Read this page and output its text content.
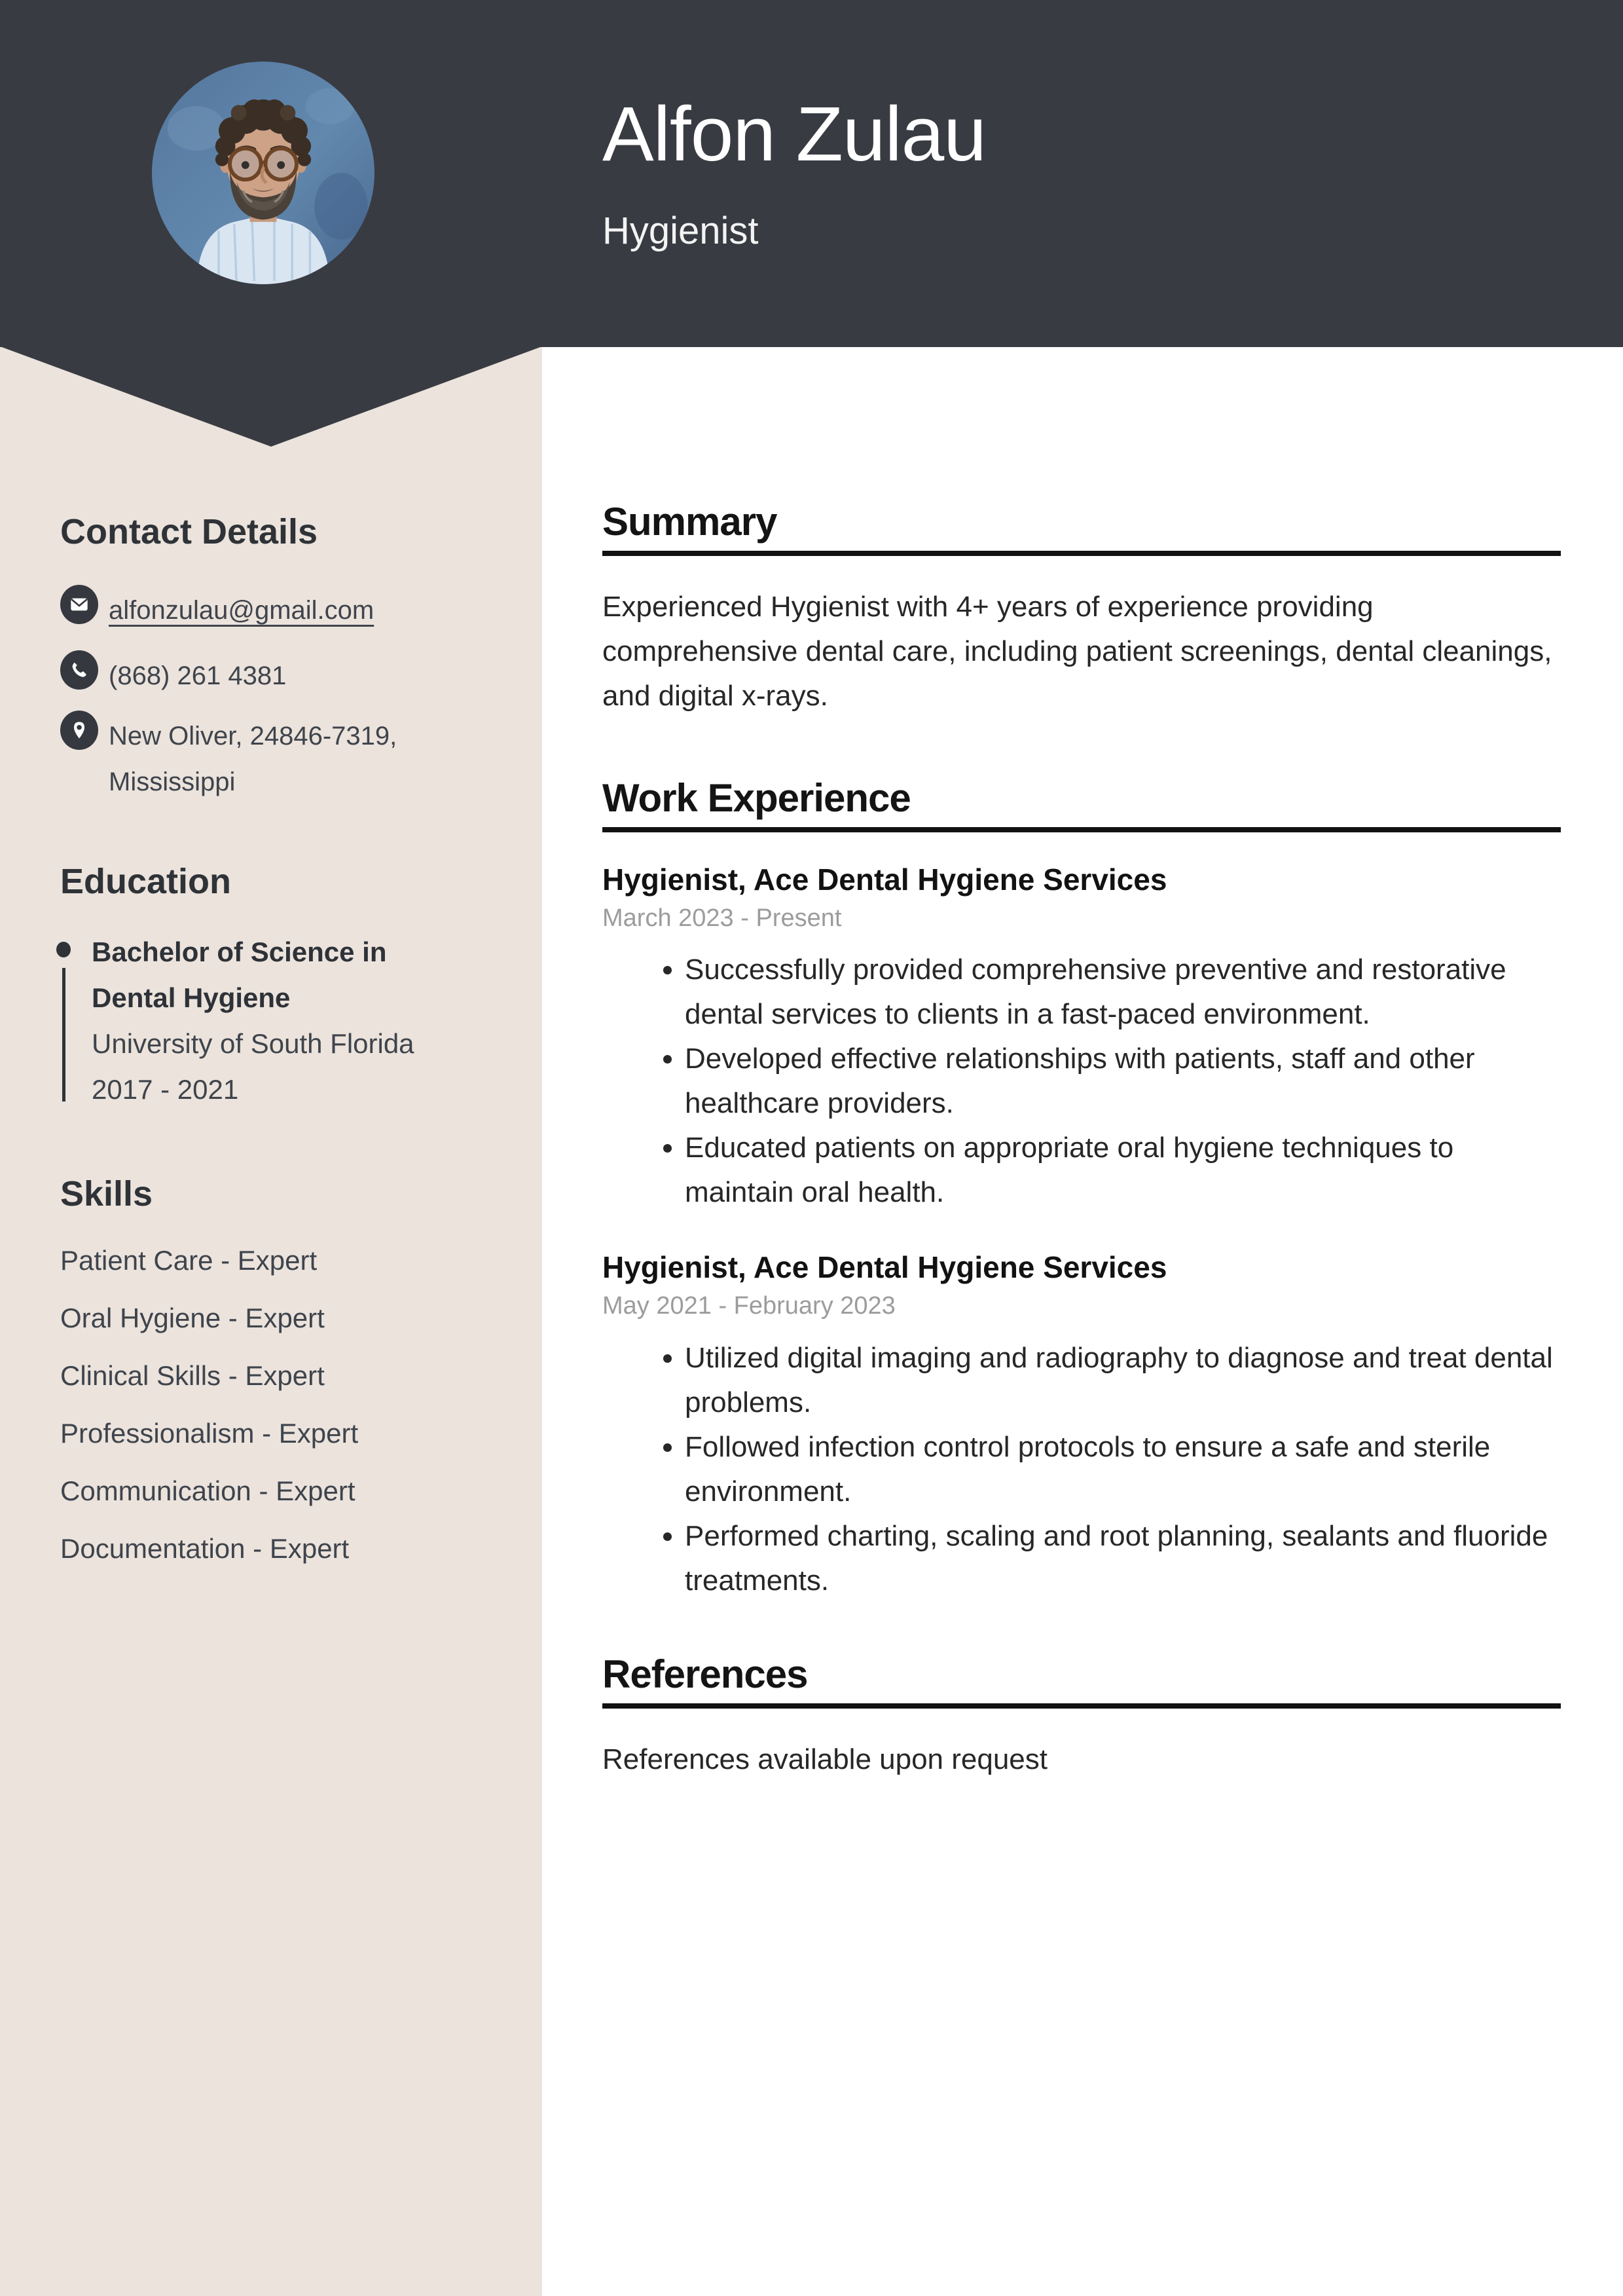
Alfon Zulau
Hygienist
Contact Details
alfonzulau@gmail.com
(868) 261 4381
New Oliver, 24846-7319,
Mississippi
Education
Bachelor of Science in
Dental Hygiene
University of South Florida
2017 - 2021
Skills
Patient Care - Expert
Oral Hygiene - Expert
Clinical Skills - Expert
Professionalism - Expert
Communication - Expert
Documentation - Expert
Summary

Experienced Hygienist with 4+ years of experience providing comprehensive dental care, including patient screenings, dental cleanings, and digital x-rays.

Work Experience
Hygienist, Ace Dental Hygiene Services
March 2023 - Present
• Successfully provided comprehensive preventive and restorative dental services to clients in a fast-paced environment.
• Developed effective relationships with patients, staff and other healthcare providers.
• Educated patients on appropriate oral hygiene techniques to maintain oral health.
Hygienist, Ace Dental Hygiene Services
May 2021 - February 2023
• Utilized digital imaging and radiography to diagnose and treat dental problems.
• Followed infection control protocols to ensure a safe and sterile environment.
• Performed charting, scaling and root planning, sealants and fluoride treatments.
References

References available upon request
